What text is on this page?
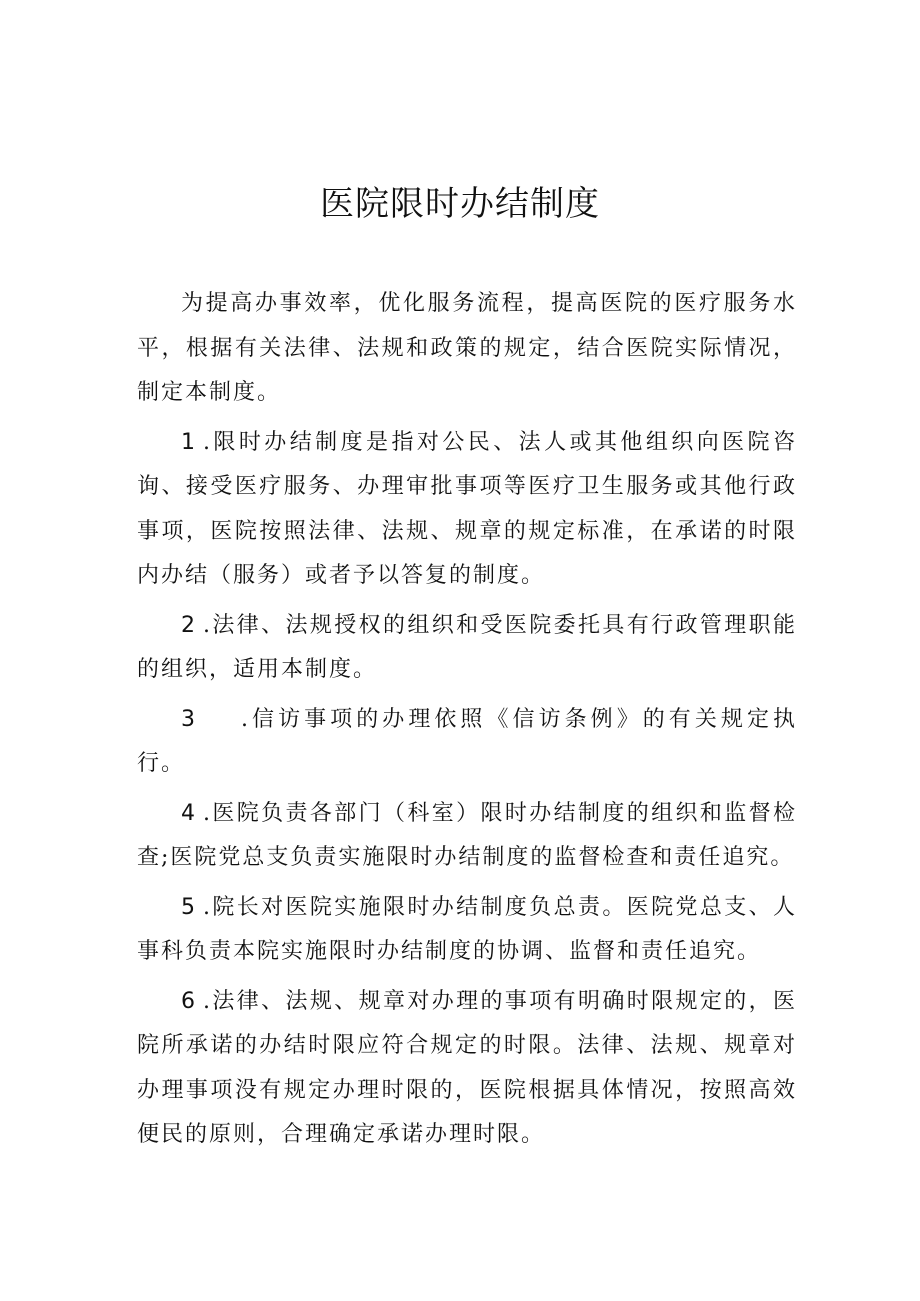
医院限时办结制度

为提高办事效率，优化服务流程，提高医院的医疗服务水平，根据有关法律、法规和政策的规定，结合医院实际情况，制定本制度。

1 .限时办结制度是指对公民、法人或其他组织向医院咨询、接受医疗服务、办理审批事项等医疗卫生服务或其他行政事项，医院按照法律、法规、规章的规定标准，在承诺的时限内办结（服务）或者予以答复的制度。

2 .法律、法规授权的组织和受医院委托具有行政管理职能的组织，适用本制度。

3 .信访事项的办理依照《信访条例》的有关规定执行。

4 .医院负责各部门（科室）限时办结制度的组织和监督检查;医院党总支负责实施限时办结制度的监督检查和责任追究。

5 .院长对医院实施限时办结制度负总责。医院党总支、人事科负责本院实施限时办结制度的协调、监督和责任追究。

6 .法律、法规、规章对办理的事项有明确时限规定的，医院所承诺的办结时限应符合规定的时限。法律、法规、规章对办理事项没有规定办理时限的，医院根据具体情况，按照高效便民的原则，合理确定承诺办理时限。
